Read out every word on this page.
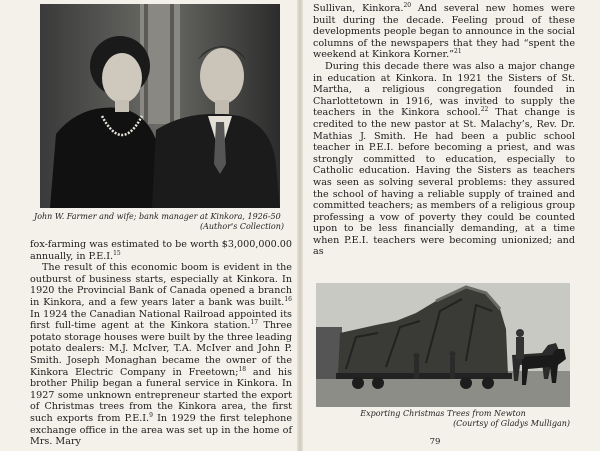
John W. Farmer and wife; bank manager at Kinkora, 1926-50
(Author's Collection)

fox-farming was estimated to be worth $3,000,000.00 annually, in P.E.I.$^{15}$

The result of this economic boom is evident in the outburst of business starts, especially at Kinkora. In 1920 the Provincial Bank of Canada opened a branch in Kinkora, and a few years later a bank was built.$^{16}$ In 1924 the Canadian National Railroad appointed its first full-time agent at the Kinkora station.$^{17}$ Three potato storage houses were built by the three leading potato dealers: M.J. McIver, T.A. McIver and John P. Smith. Joseph Monaghan became the owner of the Kinkora Electric Company in Freetown;$^{18}$ and his brother Philip began a funeral service in Kinkora. In 1927 some unknown entrepreneur started the export of Christmas trees from the Kinkora area, the first such exports from P.E.I.$^9$ In 1929 the first telephone exchange office in the area was set up in the home of Mrs. Mary

Sullivan, Kinkora.$^{20}$ And several new homes were built during the decade. Feeling proud of these developments people began to announce in the social columns of the newspapers that they had “spent the weekend at Kinkora Korner.”$^{21}$

During this decade there was also a major change in education at Kinkora. In 1921 the Sisters of St. Martha, a religious congregation founded in Charlottetown in 1916, was invited to supply the teachers in the Kinkora school.$^{22}$ That change is credited to the new pastor at St. Malachy’s, Rev. Dr. Mathias J. Smith. He had been a public school teacher in P.E.I. before becoming a priest, and was strongly committed to education, especially to Catholic education. Having the Sisters as teachers was seen as solving several problems: they assured the school of having a reliable supply of trained and committed teachers; as members of a religious group professing a vow of poverty they could be counted upon to be less financially demanding, at a time when P.E.I. teachers were becoming unionized; and as

Exporting Christmas Trees from Newton
(Courtsy of Gladys Mulligan)
79
